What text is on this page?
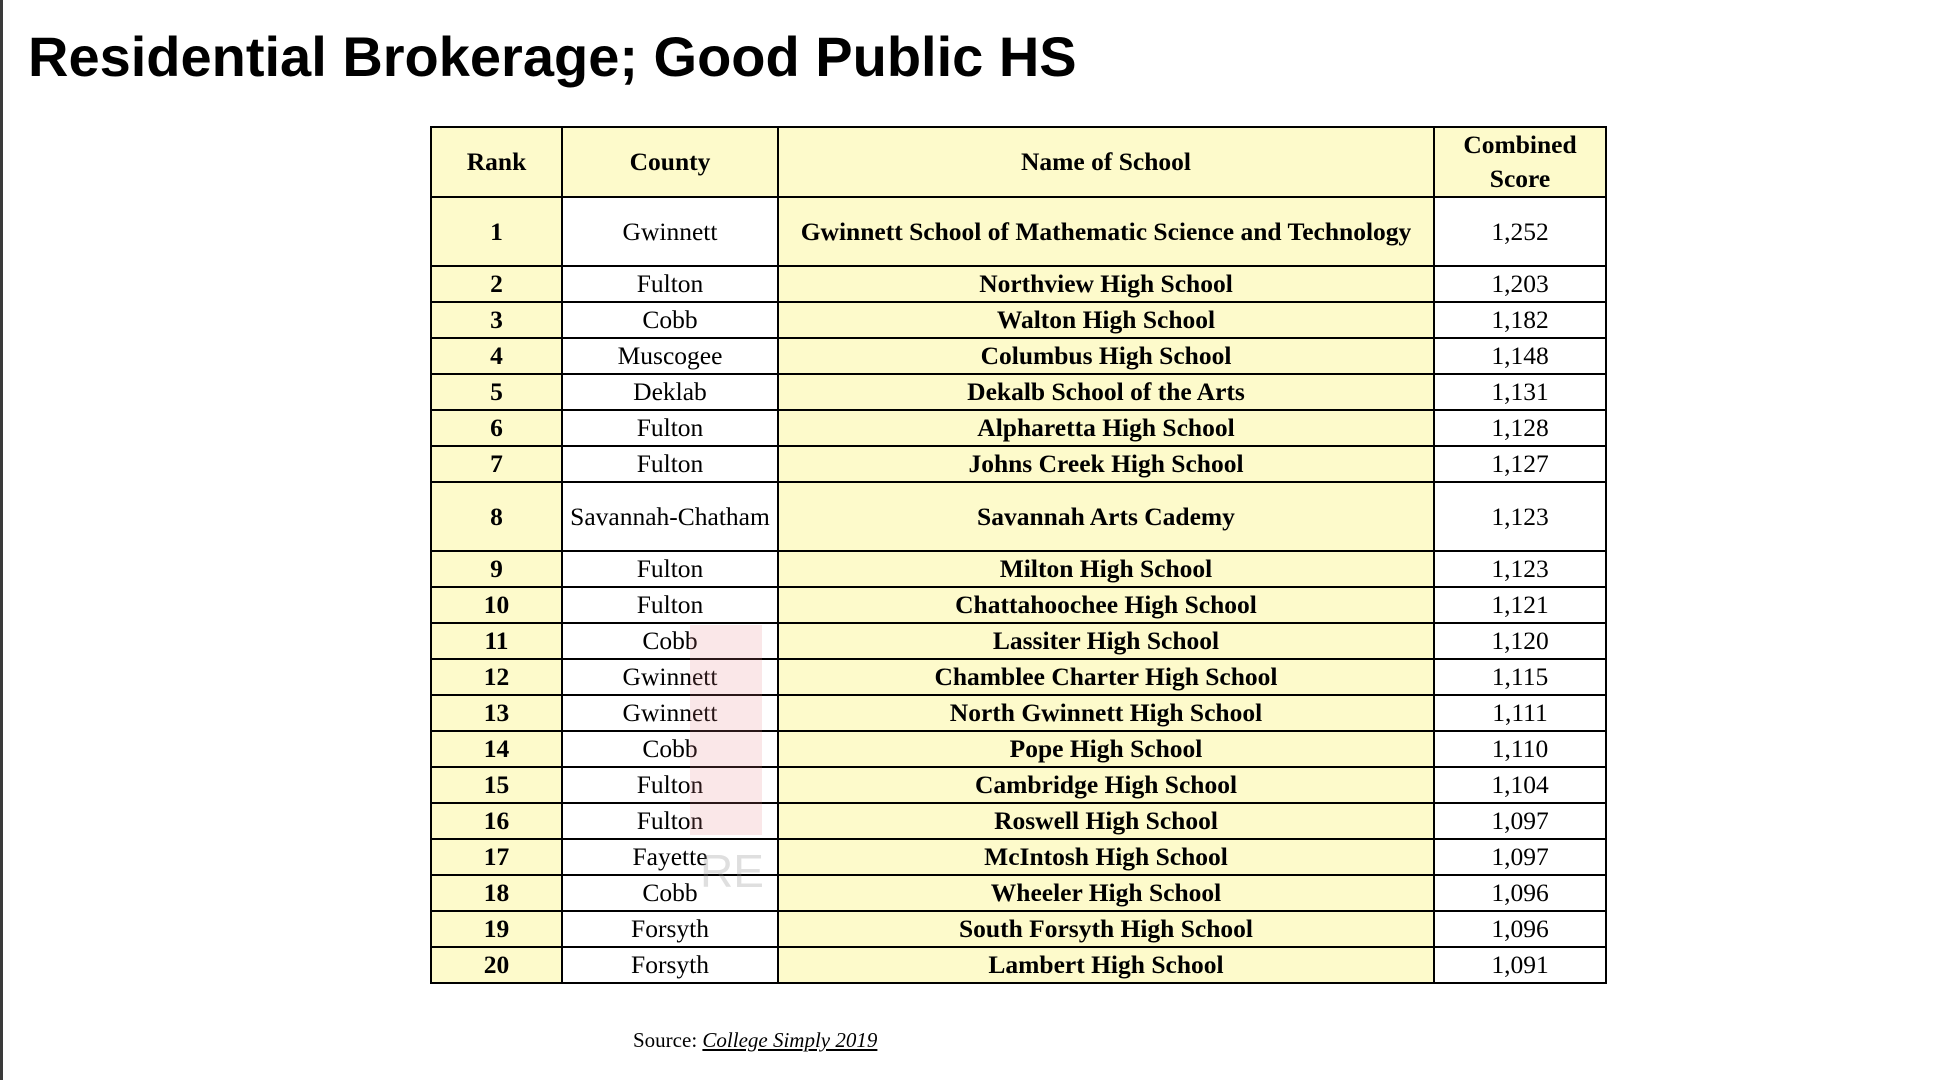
Residential Brokerage; Good Public HS
Rank	County	Name of School	Combined Score
1	Gwinnett	Gwinnett School of Mathematic Science and Technology	1,252
2	Fulton	Northview High School	1,203
3	Cobb	Walton High School	1,182
4	Muscogee	Columbus High School	1,148
5	Deklab	Dekalb School of the Arts	1,131
6	Fulton	Alpharetta High School	1,128
7	Fulton	Johns Creek High School	1,127
8	Savannah-Chatham	Savannah Arts Cademy	1,123
9	Fulton	Milton High School	1,123
10	Fulton	Chattahoochee High School	1,121
11	Cobb	Lassiter High School	1,120
12	Gwinnett	Chamblee Charter High School	1,115
13	Gwinnett	North Gwinnett High School	1,111
14	Cobb	Pope High School	1,110
15	Fulton	Cambridge High School	1,104
16	Fulton	Roswell High School	1,097
17	Fayette	McIntosh High School	1,097
18	Cobb	Wheeler High School	1,096
19	Forsyth	South Forsyth High School	1,096
20	Forsyth	Lambert High School	1,091
RE
Source: College Simply 2019
